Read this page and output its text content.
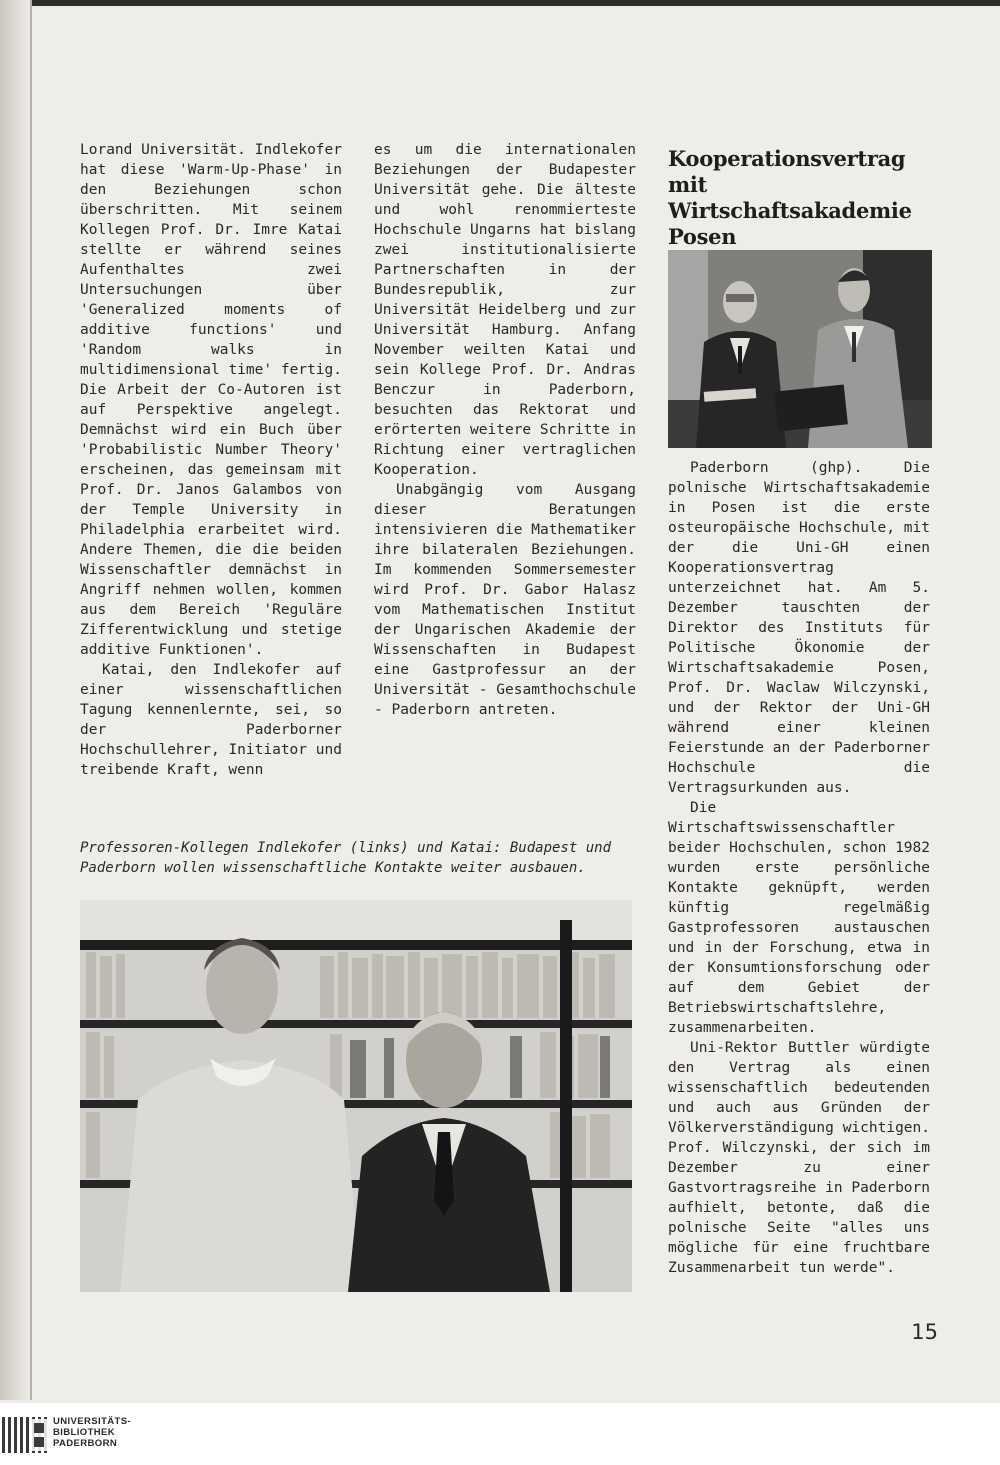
Lorand Universität. Indlekofer hat diese 'Warm-Up-Phase' in den Beziehungen schon überschritten. Mit seinem Kollegen Prof. Dr. Imre Katai stellte er während seines Aufenthaltes zwei Untersuchungen über 'Generalized moments of additive functions' und 'Random walks in multidimensional time' fertig. Die Arbeit der Co-Autoren ist auf Perspektive angelegt. Demnächst wird ein Buch über 'Probabilistic Number Theory' erscheinen, das gemeinsam mit Prof. Dr. Janos Galambos von der Temple University in Philadelphia erarbeitet wird. Andere Themen, die die beiden Wissenschaftler demnächst in Angriff nehmen wollen, kommen aus dem Bereich 'Reguläre Zifferentwicklung und stetige additive Funktionen'.

Katai, den Indlekofer auf einer wissenschaftlichen Tagung kennenlernte, sei, so der Paderborner Hochschullehrer, Initiator und treibende Kraft, wenn

es um die internationalen Beziehungen der Budapester Universität gehe. Die älteste und wohl renommierteste Hochschule Ungarns hat bislang zwei institutionalisierte Partnerschaften in der Bundesrepublik, zur Universität Heidelberg und zur Universität Hamburg. Anfang November weilten Katai und sein Kollege Prof. Dr. Andras Benczur in Paderborn, besuchten das Rektorat und erörterten weitere Schritte in Richtung einer vertraglichen Kooperation.

Unabgängig vom Ausgang dieser Beratungen intensivieren die Mathematiker ihre bilateralen Beziehungen. Im kommenden Sommersemester wird Prof. Dr. Gabor Halasz vom Mathematischen Institut der Ungarischen Akademie der Wissenschaften in Budapest eine Gastprofessur an der Universität - Gesamthochschule - Paderborn antreten.

Kooperationsvertrag mit Wirtschaftsakademie Posen

Paderborn (ghp). Die polnische Wirtschaftsakademie in Posen ist die erste osteuropäische Hochschule, mit der die Uni-GH einen Kooperationsvertrag unterzeichnet hat. Am 5. Dezember tauschten der Direktor des Instituts für Politische Ökonomie der Wirtschaftsakademie Posen, Prof. Dr. Waclaw Wilczynski, und der Rektor der Uni-GH während einer kleinen Feierstunde an der Paderborner Hochschule die Vertragsurkunden aus.

Die Wirtschaftswissenschaftler beider Hochschulen, schon 1982 wurden erste persönliche Kontakte geknüpft, werden künftig regelmäßig Gastprofessoren austauschen und in der Forschung, etwa in der Konsumtionsforschung oder auf dem Gebiet der Betriebswirtschaftslehre, zusammenarbeiten.

Uni-Rektor Buttler würdigte den Vertrag als einen wissenschaftlich bedeutenden und auch aus Gründen der Völkerverständigung wichtigen. Prof. Wilczynski, der sich im Dezember zu einer Gastvortragsreihe in Paderborn aufhielt, betonte, daß die polnische Seite "alles uns mögliche für eine fruchtbare Zusammenarbeit tun werde".

Professoren-Kollegen Indlekofer (links) und Katai: Budapest und Paderborn wollen wissenschaftliche Kontakte weiter ausbauen.

15
UNIVERSITÄTS-
BIBLIOTHEK
PADERBORN
